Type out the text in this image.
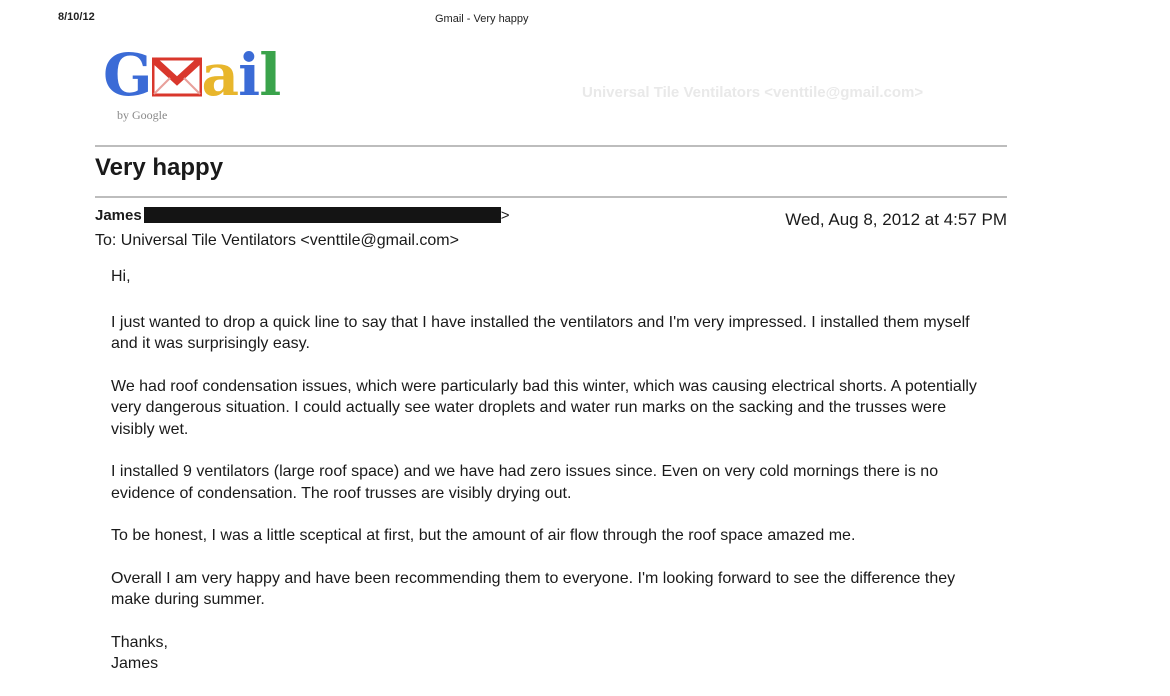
8/10/12	Gmail - Very happy
G ail
by Google
Universal Tile Ventilators <venttile@gmail.com>
Very happy
James	>	Wed, Aug 8, 2012 at 4:57 PM
To: Universal Tile Ventilators <venttile@gmail.com>

Hi,

I just wanted to drop a quick line to say that I have installed the ventilators and I'm very impressed. I installed them myself and it was surprisingly easy.

We had roof condensation issues, which were particularly bad this winter, which was causing electrical shorts. A potentially very dangerous situation. I could actually see water droplets and water run marks on the sacking and the trusses were visibly wet.

I installed 9 ventilators (large roof space) and we have had zero issues since. Even on very cold mornings there is no evidence of condensation. The roof trusses are visibly drying out.

To be honest, I was a little sceptical at first, but the amount of air flow through the roof space amazed me.

Overall I am very happy and have been recommending them to everyone. I'm looking forward to see the difference they make during summer.

Thanks,

James
